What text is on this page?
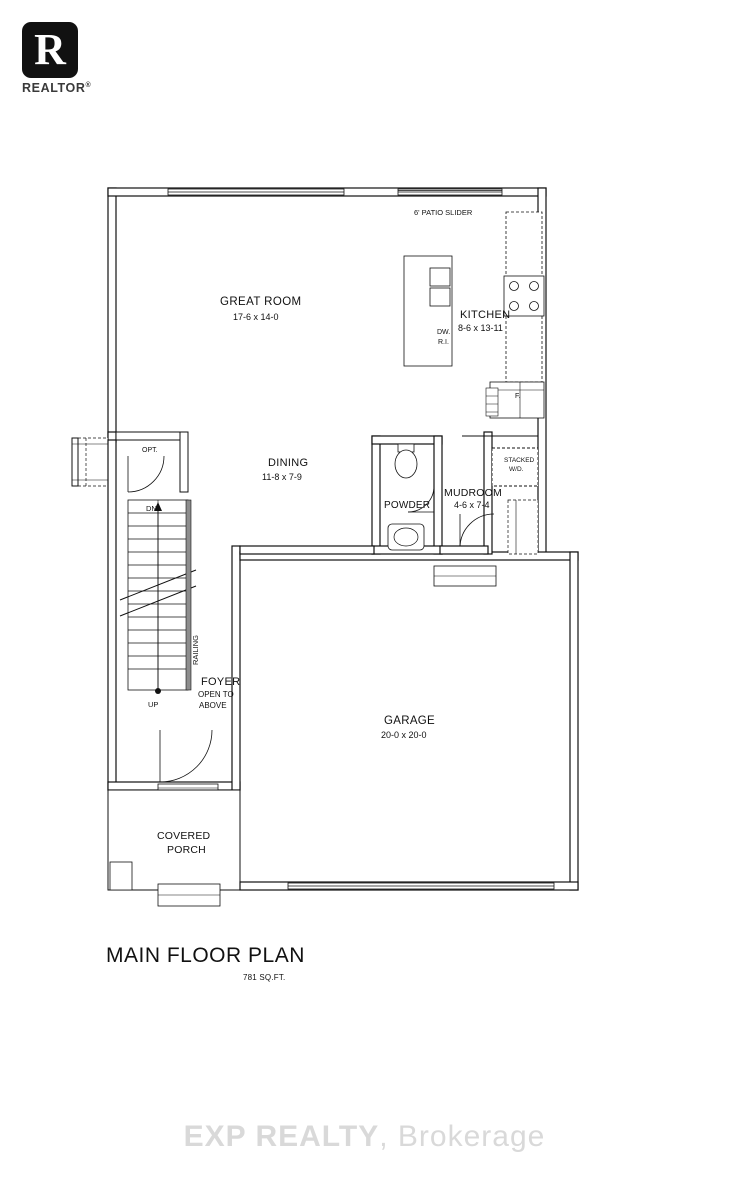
R
REALTOR®
6' PATIO SLIDER
GREAT ROOM
17-6 x 14-0	KITCHEN
8-6 x 13-11
DW.
R.I.
F.
DINING
11-8 x 7-9
OPT.
DN.
UP
RAILING
POWDER
MUDROOM
4-6 x 7-4
STACKED
W/D.
FOYER
OPEN TO
ABOVE
GARAGE
20-0 x 20-0
COVERED
PORCH
MAIN FLOOR PLAN
781 SQ.FT.
EXP REALTY, Brokerage
